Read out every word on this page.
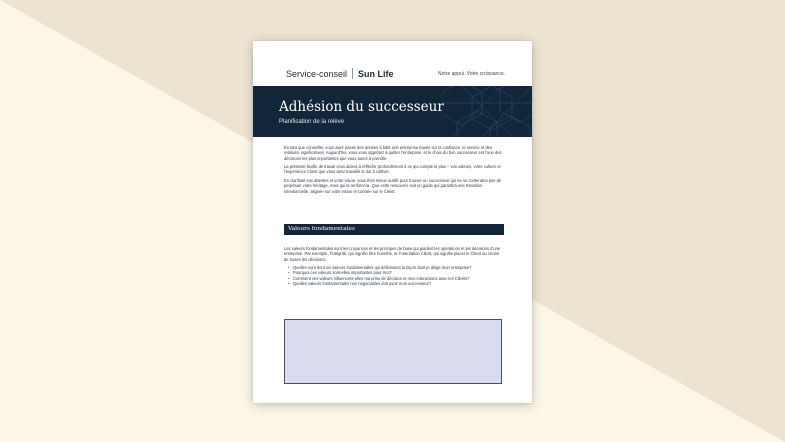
Service-conseil Sun Life	Notre appui. Votre croissance.
Adhésion du successeur
Planification de la relève

En tant que conseiller, vous avez passé des années à bâtir une entreprise basée sur la confiance, le service et des relations significatives. Aujourd’hui, vous vous apprêtez à quitter l’entreprise, et le choix du bon successeur est l’une des décisions les plus importantes que vous aurez à prendre.

La présente feuille de travail vous aidera à réfléchir profondément à ce qui compte le plus – vos valeurs, votre culture et l’expérience Client que vous avez travaillé si dur à cultiver.

En clarifiant vos attentes et votre vision, vous êtes mieux outillé pour trouver un successeur qui ne se contentera pas de perpétuer votre héritage, mais qui la renforcera. Que cette ressource soit un guide qui garantira une transition intentionnelle, alignée sur votre vision et contrée sur le Client.

Valeurs fondamentales

Les valeurs fondamentales sont les croyances et les principes de base qui guident les opérations et les décisions d’une entreprise. Par exemple, l’intégrité, qui signifie être honnête, et l’orientation Client, qui signifie placer le Client au centre de toutes les décisions.

• Quelles sont les trois valeurs fondamentales qui définissent la façon dont je dirige mon entreprise?
• Pourquoi ces valeurs sont-elles importantes pour moi?
• Comment ces valeurs influencent-elles ma prise de décision et mes interactions avec les Clients?
• Quelles valeurs fondamentales non négociables doit avoir mon successeur?
